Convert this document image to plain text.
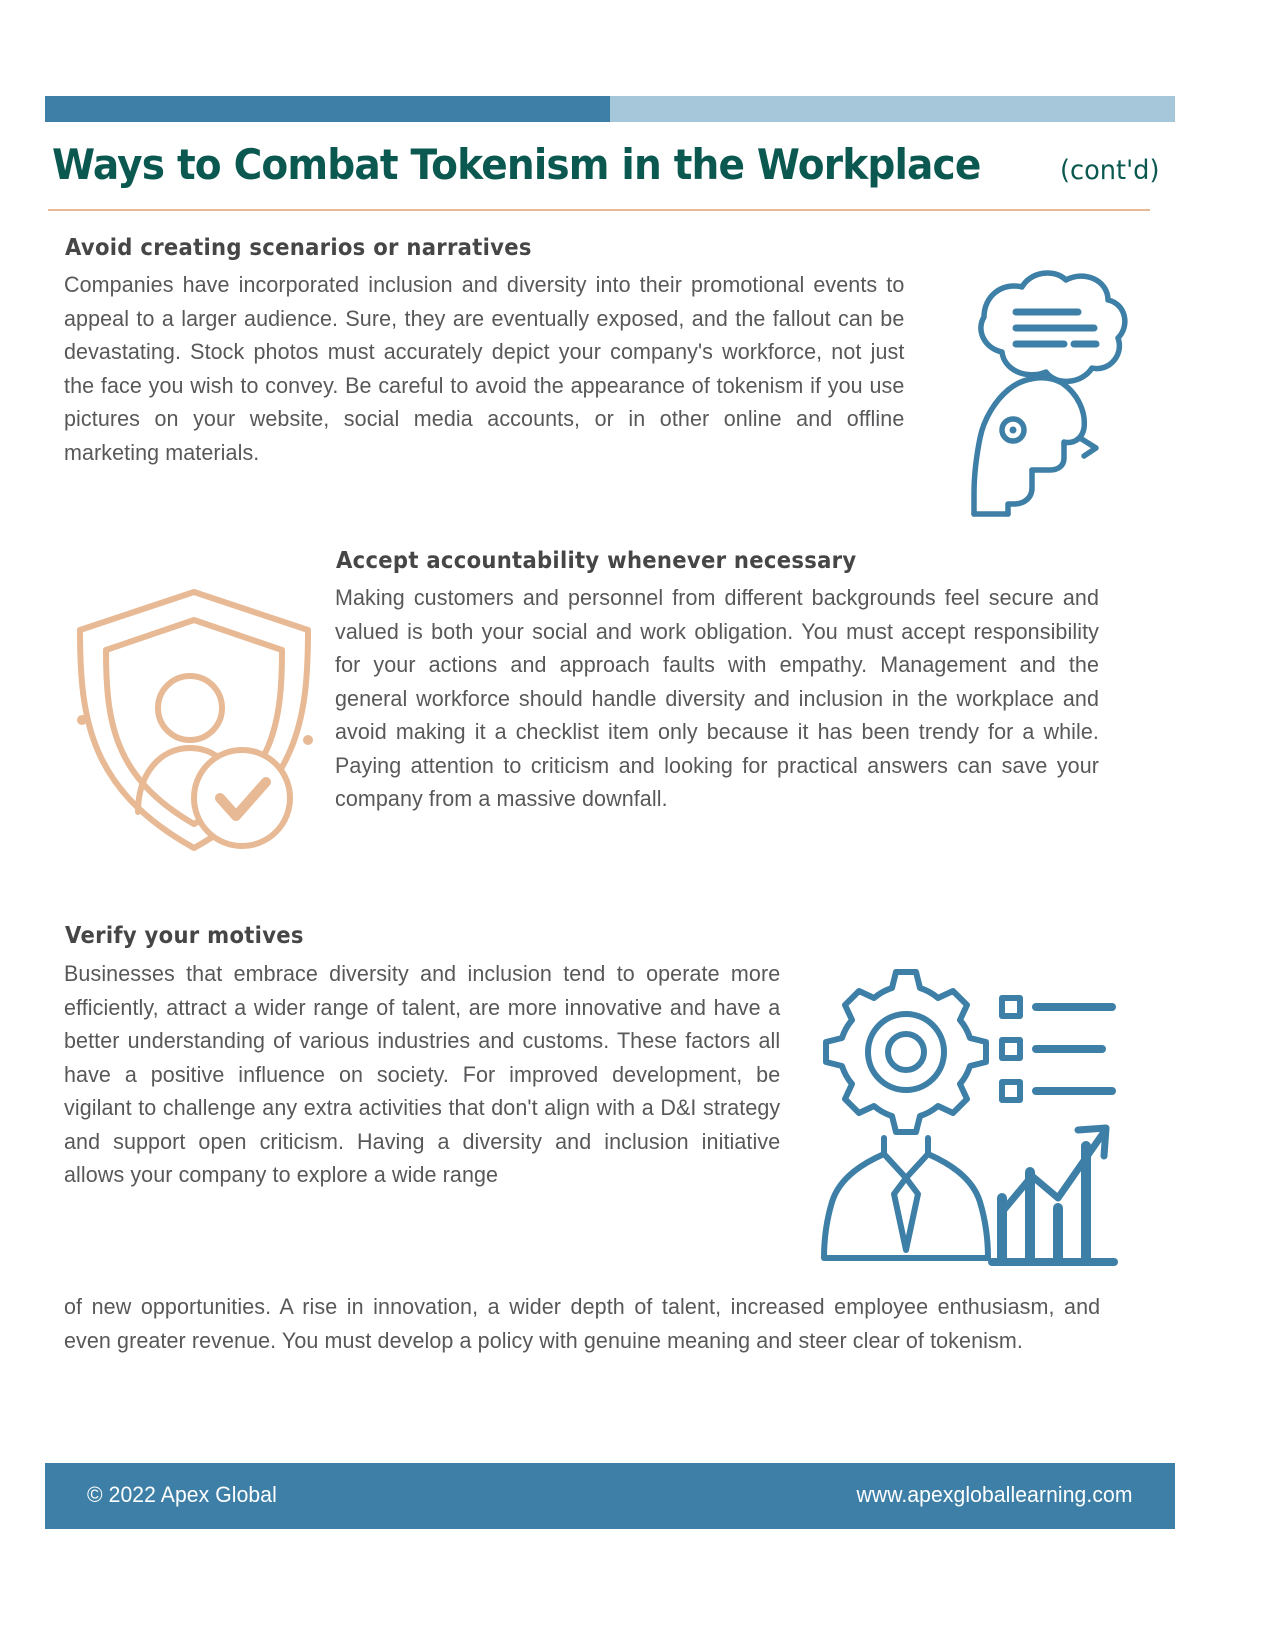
Ways to Combat Tokenism in the Workplace	(cont'd)
Avoid creating scenarios or narratives
Companies have incorporated inclusion and diversity into their promotional events to appeal to a larger audience. Sure, they are eventually exposed, and the fallout can be devastating. Stock photos must accurately depict your company's workforce, not just the face you wish to convey. Be careful to avoid the appearance of tokenism if you use pictures on your website, social media accounts, or in other online and offline marketing materials.
Accept accountability whenever necessary
Making customers and personnel from different backgrounds feel secure and valued is both your social and work obligation. You must accept responsibility for your actions and approach faults with empathy. Management and the general workforce should handle diversity and inclusion in the workplace and avoid making it a checklist item only because it has been trendy for a while. Paying attention to criticism and looking for practical answers can save your company from a massive downfall.
Verify your motives
Businesses that embrace diversity and inclusion tend to operate more efficiently, attract a wider range of talent, are more innovative and have a better understanding of various industries and customs. These factors all have a positive influence on society. For improved development, be vigilant to challenge any extra activities that don't align with a D&I strategy and support open criticism. Having a diversity and inclusion initiative allows your company to explore a wide range
of new opportunities. A rise in innovation, a wider depth of talent, increased employee enthusiasm, and even greater revenue. You must develop a policy with genuine meaning and steer clear of tokenism.
© 2022 Apex Global	www.apexgloballearning.com
